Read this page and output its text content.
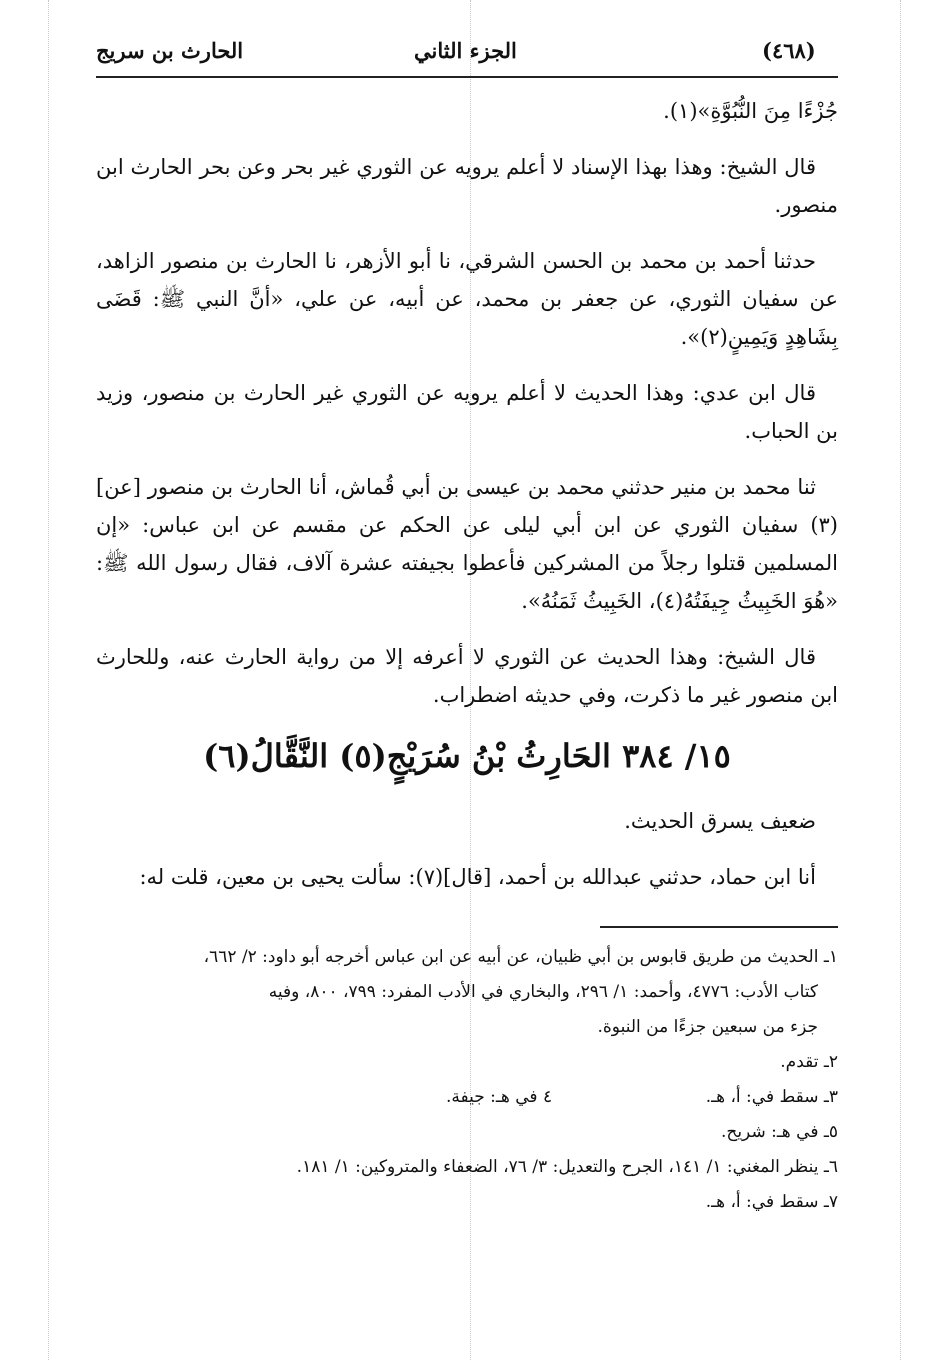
(٤٦٨)
الجزء الثاني
الحارث بن سريج

جُزْءًا مِنَ النُّبُوَّةِ»(١).

قال الشيخ: وهذا بهذا الإسناد لا أعلم يرويه عن الثوري غير بحر وعن بحر الحارث ابن منصور.

حدثنا أحمد بن محمد بن الحسن الشرقي، نا أبو الأزهر، نا الحارث بن منصور الزاهد، عن سفيان الثوري، عن جعفر بن محمد، عن أبيه، عن علي، «أنَّ النبي ﷺ: قَضَى بِشَاهِدٍ وَيَمِينٍ(٢)».

قال ابن عدي: وهذا الحديث لا أعلم يرويه عن الثوري غير الحارث بن منصور، وزيد بن الحباب.

ثنا محمد بن منير حدثني محمد بن عيسى بن أبي قُماش، أنا الحارث بن منصور [عن](٣) سفيان الثوري عن ابن أبي ليلى عن الحكم عن مقسم عن ابن عباس: «إن المسلمين قتلوا رجلاً من المشركين فأعطوا بجيفته عشرة آلاف، فقال رسول الله ﷺ: «هُوَ الخَبِيثُ جِيفَتُهُ(٤)، الخَبِيثُ ثَمَنُهُ».

قال الشيخ: وهذا الحديث عن الثوري لا أعرفه إلا من رواية الحارث عنه، وللحارث ابن منصور غير ما ذكرت، وفي حديثه اضطراب.

١٥/ ٣٨٤ الحَارِثُ بْنُ سُرَيْجٍ(٥) النَّقَّالُ(٦)

ضعيف يسرق الحديث.

أنا ابن حماد، حدثني عبدالله بن أحمد، [قال](٧): سألت يحيى بن معين، قلت له:

١ـ الحديث من طريق قابوس بن أبي ظبيان، عن أبيه عن ابن عباس أخرجه أبو داود: ٢/ ٦٦٢،
كتاب الأدب: ٤٧٧٦، وأحمد: ١/ ٢٩٦، والبخاري في الأدب المفرد: ٧٩٩، ٨٠٠، وفيه
جزء من سبعين جزءًا من النبوة.
٢ـ تقدم.
٣ـ سقط في: أ، هـ.
٤ في هـ: جيفة.
٥ـ في هـ: شريح.
٦ـ ينظر المغني: ١/ ١٤١، الجرح والتعديل: ٣/ ٧٦، الضعفاء والمتروكين: ١/ ١٨١.
٧ـ سقط في: أ، هـ.
